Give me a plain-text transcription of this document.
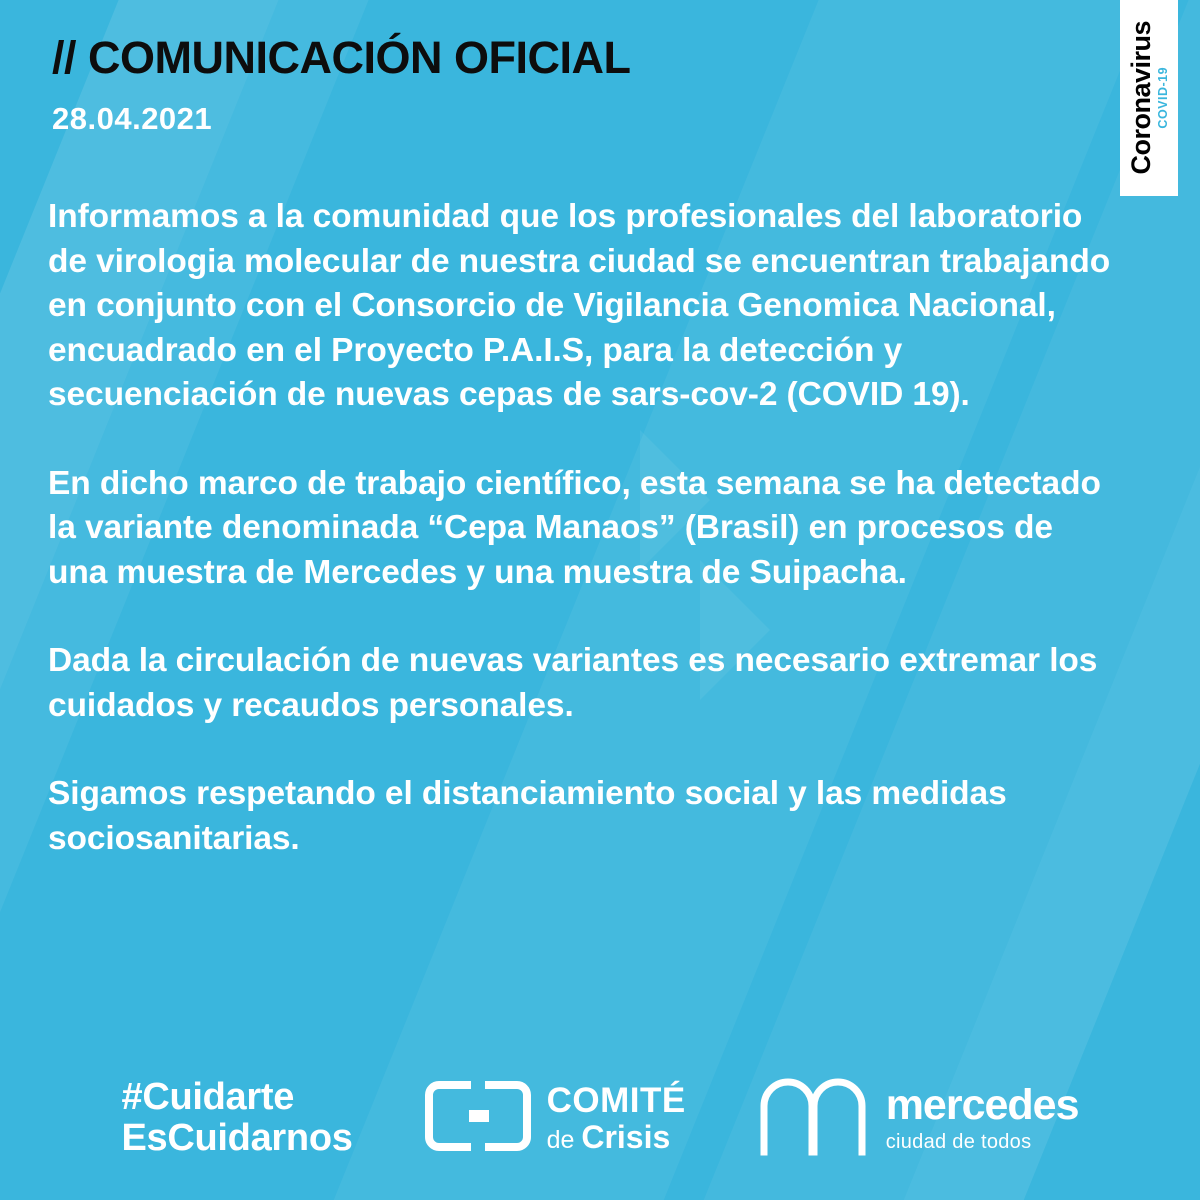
Coronavirus COVID-19
// COMUNICACIÓN OFICIAL
28.04.2021

Informamos a la comunidad que los profesionales del laboratorio de virologia molecular de nuestra ciudad se encuentran trabajando en conjunto con el Consorcio de Vigilancia Genomica Nacional, encuadrado en el Proyecto P.A.I.S, para la detección y secuenciación de nuevas cepas de sars-cov-2 (COVID 19).

En dicho marco de trabajo científico, esta semana se ha detectado la variante denominada “Cepa Manaos” (Brasil) en procesos de una muestra de Mercedes y una muestra de Suipacha.

Dada la circulación de nuevas variantes es necesario extremar los cuidados y recaudos personales.

Sigamos respetando el distanciamiento social y las medidas sociosanitarias.

#Cuidarte
EsCuidarnos
COMITÉ
de Crisis
mercedes
ciudad de todos
